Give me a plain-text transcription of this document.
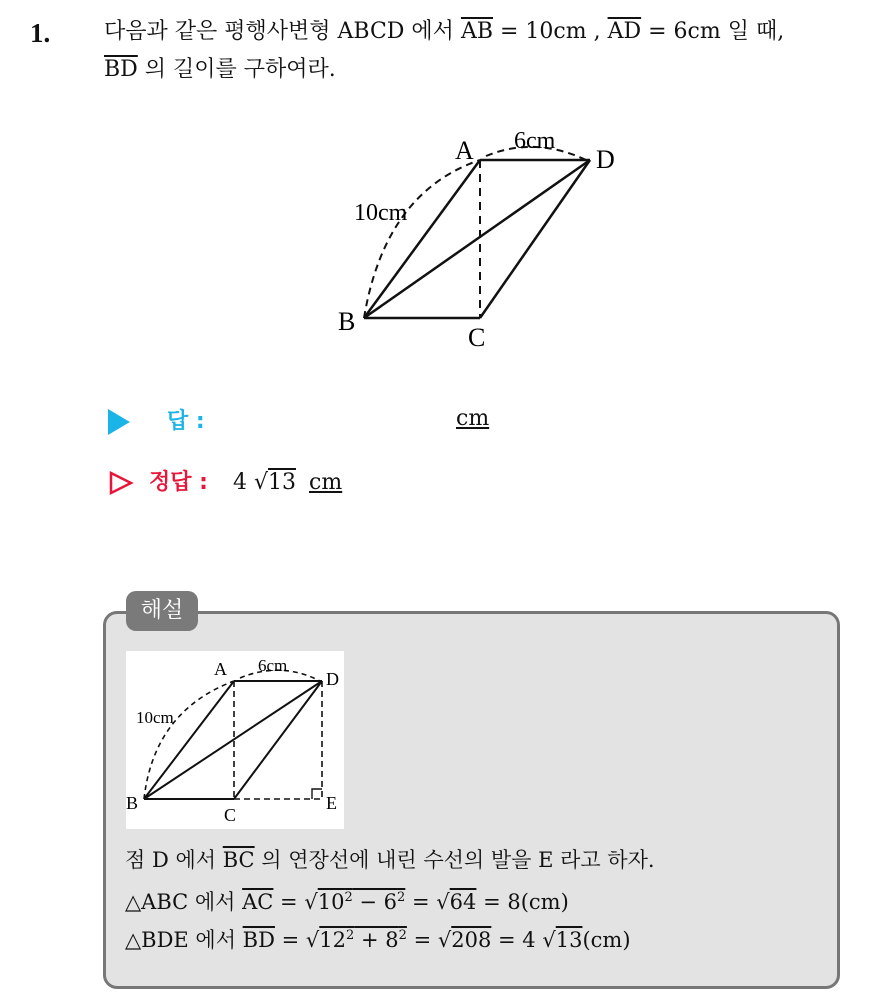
1. 다음과 같은 평행사변형 ABCD 에서 $\overline{AB} = 10cm$ , $\overline{AD} = 6cm$ 일 때,
$\overline{BD}$ 의 길이를 구하여라.
A
B
C
D
6cm
10cm
답 :	cm
정답 : 4 √13 cm
해설
A
B
C
D
E
6cm
10cm
점 D 에서 $\overline{BC}$ 의 연장선에 내린 수선의 발을 E 라고 하자.
△ABC 에서 $\overline{AC} = √10^2 - 6^2 = √64 = 8(cm)$
△BDE 에서 $\overline{BD} = √12^2 + 8^2 = √208 = 4$ √13(cm)
